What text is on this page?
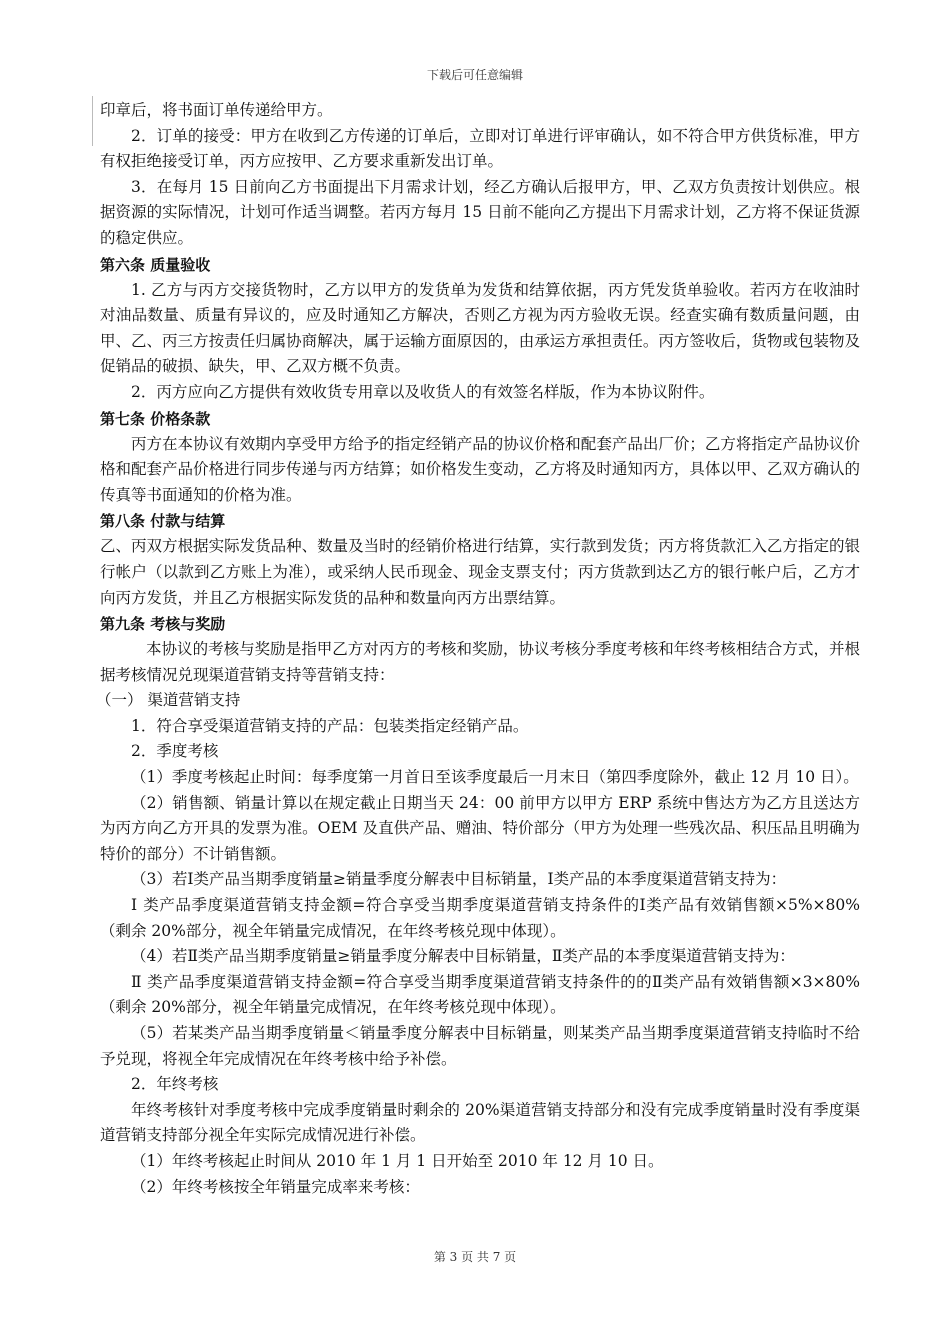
下载后可任意编辑

印章后，将书面订单传递给甲方。

2．订单的接受：甲方在收到乙方传递的订单后，立即对订单进行评审确认，如不符合甲方供货标准，甲方有权拒绝接受订单，丙方应按甲、乙方要求重新发出订单。

3．在每月 15 日前向乙方书面提出下月需求计划，经乙方确认后报甲方，甲、乙双方负责按计划供应。根据资源的实际情况，计划可作适当调整。若丙方每月 15 日前不能向乙方提出下月需求计划，乙方将不保证货源的稳定供应。

第六条 质量验收

1. 乙方与丙方交接货物时，乙方以甲方的发货单为发货和结算依据，丙方凭发货单验收。若丙方在收油时对油品数量、质量有异议的，应及时通知乙方解决，否则乙方视为丙方验收无误。经查实确有数质量问题，由甲、乙、丙三方按责任归属协商解决，属于运输方面原因的，由承运方承担责任。丙方签收后，货物或包装物及促销品的破损、缺失，甲、乙双方概不负责。

2．丙方应向乙方提供有效收货专用章以及收货人的有效签名样版，作为本协议附件。

第七条 价格条款

丙方在本协议有效期内享受甲方给予的指定经销产品的协议价格和配套产品出厂价；乙方将指定产品协议价格和配套产品价格进行同步传递与丙方结算；如价格发生变动，乙方将及时通知丙方，具体以甲、乙双方确认的传真等书面通知的价格为准。

第八条 付款与结算

乙、丙双方根据实际发货品种、数量及当时的经销价格进行结算，实行款到发货；丙方将货款汇入乙方指定的银行帐户（以款到乙方账上为准），或采纳人民币现金、现金支票支付；丙方货款到达乙方的银行帐户后，乙方才向丙方发货，并且乙方根据实际发货的品种和数量向丙方出票结算。

第九条 考核与奖励

本协议的考核与奖励是指甲乙方对丙方的考核和奖励，协议考核分季度考核和年终考核相结合方式，并根据考核情况兑现渠道营销支持等营销支持：

（一） 渠道营销支持

1．符合享受渠道营销支持的产品：包装类指定经销产品。

2．季度考核

（1）季度考核起止时间：每季度第一月首日至该季度最后一月末日（第四季度除外，截止 12 月 10 日）。

（2）销售额、销量计算以在规定截止日期当天 24：00 前甲方以甲方 ERP 系统中售达方为乙方且送达方为丙方向乙方开具的发票为准。OEM 及直供产品、赠油、特价部分（甲方为处理一些残次品、积压品且明确为特价的部分）不计销售额。

（3）若Ⅰ类产品当期季度销量≥销量季度分解表中目标销量，Ⅰ类产品的本季度渠道营销支持为：

Ⅰ 类产品季度渠道营销支持金额=符合享受当期季度渠道营销支持条件的Ⅰ类产品有效销售额×5%×80%（剩余 20%部分，视全年销量完成情况，在年终考核兑现中体现）。

（4）若Ⅱ类产品当期季度销量≥销量季度分解表中目标销量，Ⅱ类产品的本季度渠道营销支持为：

Ⅱ 类产品季度渠道营销支持金额=符合享受当期季度渠道营销支持条件的的Ⅱ类产品有效销售额×3×80%（剩余 20%部分，视全年销量完成情况，在年终考核兑现中体现）。

（5）若某类产品当期季度销量＜销量季度分解表中目标销量，则某类产品当期季度渠道营销支持临时不给予兑现，将视全年完成情况在年终考核中给予补偿。

2．年终考核

年终考核针对季度考核中完成季度销量时剩余的 20%渠道营销支持部分和没有完成季度销量时没有季度渠道营销支持部分视全年实际完成情况进行补偿。

（1）年终考核起止时间从 2010 年 1 月 1 日开始至 2010 年 12 月 10 日。

（2）年终考核按全年销量完成率来考核：

第 3 页 共 7 页
